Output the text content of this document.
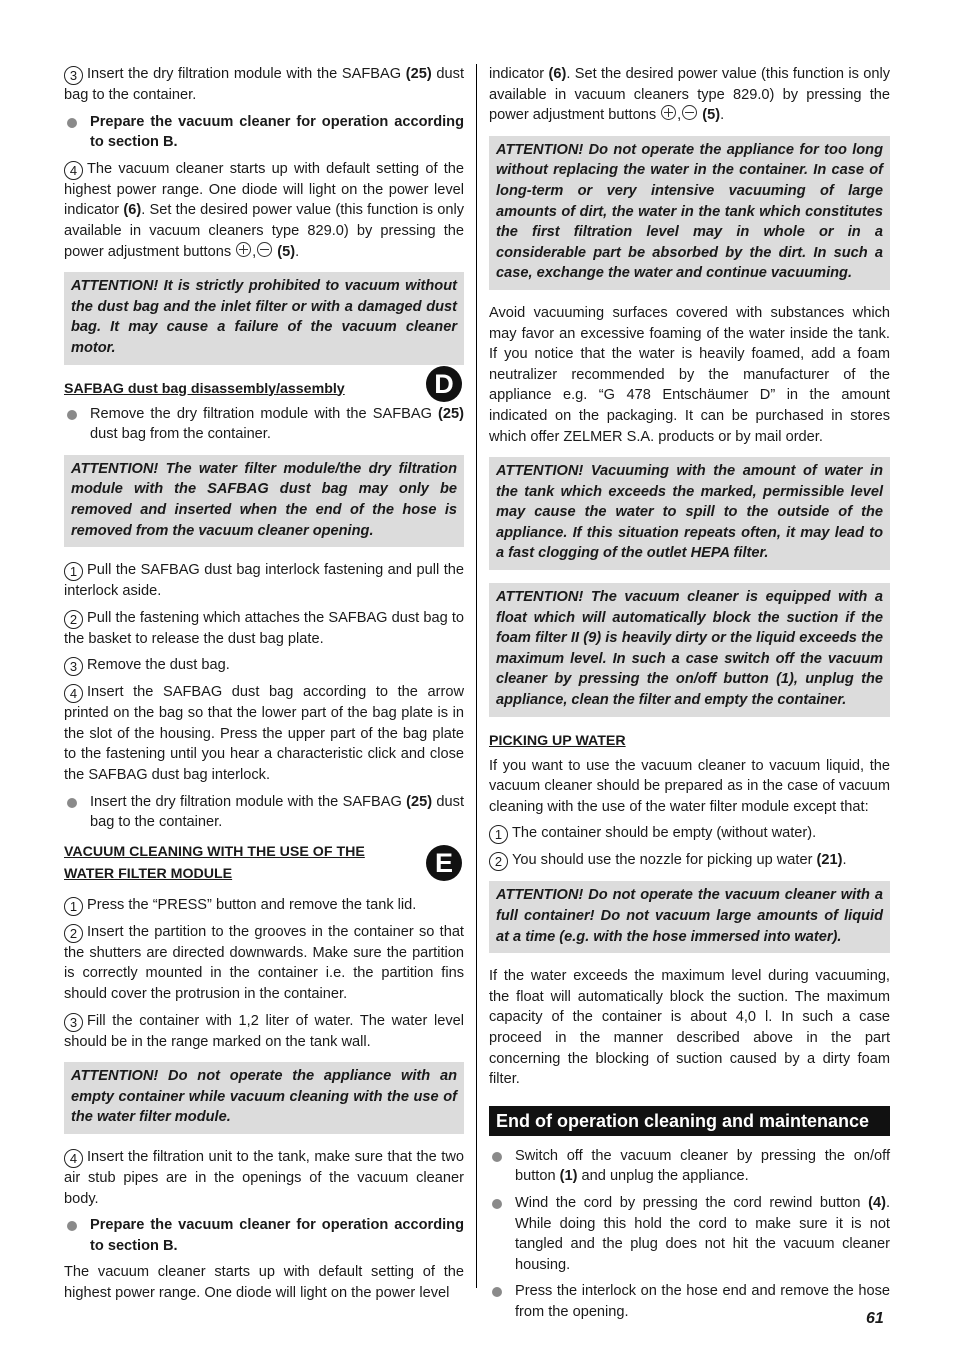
3 Insert the dry filtration module with the SAFBAG (25) dust bag to the container.

Prepare the vacuum cleaner for operation according to section B.

4 The vacuum cleaner starts up with default setting of the highest power range. One diode will light on the power level indicator (6). Set the desired power value (this function is only available in vacuum cleaners type 829.0) by pressing the power adjustment buttons , (5).

ATTENTION! It is strictly prohibited to vacuum without the dust bag and the inlet filter or with a damaged dust bag. It may cause a failure of the vacuum cleaner motor.
SAFBAG dust bag disassembly/assembly	D

Remove the dry filtration module with the SAFBAG (25) dust bag from the container.

ATTENTION! The water filter module/the dry filtration module with the SAFBAG dust bag may only be removed and inserted when the end of the hose is removed from the vacuum cleaner opening.

1 Pull the SAFBAG dust bag interlock fastening and pull the interlock aside.

2 Pull the fastening which attaches the SAFBAG dust bag to the basket to release the dust bag plate.

3 Remove the dust bag.

4 Insert the SAFBAG dust bag according to the arrow printed on the bag so that the lower part of the bag plate is in the slot of the housing. Press the upper part of the bag plate to the fastening until you hear a characteristic click and close the SAFBAG dust bag interlock.

Insert the dry filtration module with the SAFBAG (25) dust bag to the container.

VACUUM CLEANING WITH THE USE OF THE
WATER FILTER MODULE	E

1 Press the “PRESS” button and remove the tank lid.

2 Insert the partition to the grooves in the container so that the shutters are directed downwards. Make sure the partition is correctly mounted in the container i.e. the partition fins should cover the protrusion in the container.

3 Fill the container with 1,2 liter of water. The water level should be in the range marked on the tank wall.

ATTENTION! Do not operate the appliance with an empty container while vacuum cleaning with the use of the water filter module.

4 Insert the filtration unit to the tank, make sure that the two air stub pipes are in the openings of the vacuum cleaner body.

Prepare the vacuum cleaner for operation according to section B.

The vacuum cleaner starts up with default setting of the highest power range. One diode will light on the power level

indicator (6). Set the desired power value (this function is only available in vacuum cleaners type 829.0) by pressing the power adjustment buttons , (5).

ATTENTION! Do not operate the appliance for too long without replacing the water in the container. In case of long-term or very intensive vacuuming of large amounts of dirt, the water in the tank which constitutes the first filtration level may in whole or in a considerable part be absorbed by the dirt. In such a case, exchange the water and continue vacuuming.

Avoid vacuuming surfaces covered with substances which may favor an excessive foaming of the water inside the tank. If you notice that the water is heavily foamed, add a foam neutralizer recommended by the manufacturer of the appliance e.g. “G 478 Entschäumer D” in the amount indicated on the packaging. It can be purchased in stores which offer ZELMER S.A. products or by mail order.

ATTENTION! Vacuuming with the amount of water in the tank which exceeds the marked, permissible level may cause the water to spill to the outside of the appliance. If this situation repeats often, it may lead to a fast clogging of the outlet HEPA filter.
ATTENTION! The vacuum cleaner is equipped with a float which will automatically block the suction if the foam filter II (9) is heavily dirty or the liquid exceeds the maximum level. In such a case switch off the vacuum cleaner by pressing the on/off button (1), unplug the appliance, clean the filter and empty the container.
PICKING UP WATER

If you want to use the vacuum cleaner to vacuum liquid, the vacuum cleaner should be prepared as in the case of vacuum cleaning with the use of the water filter module except that:

1 The container should be empty (without water).

2 You should use the nozzle for picking up water (21).

ATTENTION! Do not operate the vacuum cleaner with a full container! Do not vacuum large amounts of liquid at a time (e.g. with the hose immersed into water).

If the water exceeds the maximum level during vacuuming, the float will automatically block the suction. The maximum capacity of the container is about 4,0 l. In such a case proceed in the manner described above in the part concerning the blocking of suction caused by a dirty foam filter.

End of operation cleaning and maintenance

Switch off the vacuum cleaner by pressing the on/off button (1) and unplug the appliance.

Wind the cord by pressing the cord rewind button (4). While doing this hold the cord to make sure it is not tangled and the plug does not hit the vacuum cleaner housing.

Press the interlock on the hose end and remove the hose from the opening.	61
